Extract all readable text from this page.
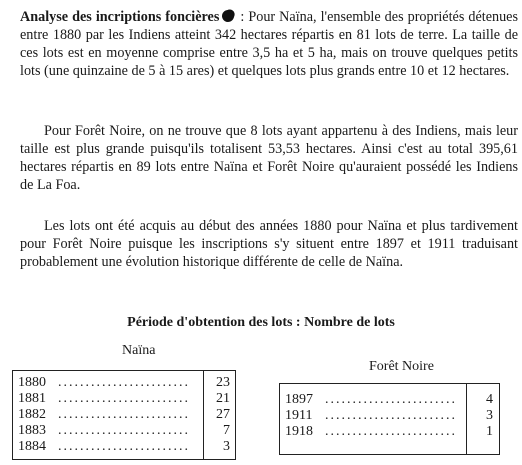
Analyse des incriptions foncières : Pour Naïna, l'ensemble des propriétés détenues entre 1880 par les Indiens atteint 342 hectares répartis en 81 lots de terre. La taille de ces lots est en moyenne comprise entre 3,5 ha et 5 ha, mais on trouve quelques petits lots (une quinzaine de 5 à 15 ares) et quelques lots plus grands entre 10 et 12 hectares.

Pour Forêt Noire, on ne trouve que 8 lots ayant appartenu à des Indiens, mais leur taille est plus grande puisqu'ils totalisent 53,53 hectares. Ainsi c'est au total 395,61 hectares répartis en 89 lots entre Naïna et Forêt Noire qu'auraient possédé les Indiens de La Foa.

Les lots ont été acquis au début des années 1880 pour Naïna et plus tardivement pour Forêt Noire puisque les inscriptions s'y situent entre 1897 et 1911 traduisant probablement une évolution historique différente de celle de Naïna.

Période d'obtention des lots : Nombre de lots

Naïna

Forêt Noire

1880 ........................	23
1881 ........................	21
1882 ........................	27
1883 ........................	7
1884 ........................	3
1897 ........................	4
1911 ........................	3
1918 ........................	1
